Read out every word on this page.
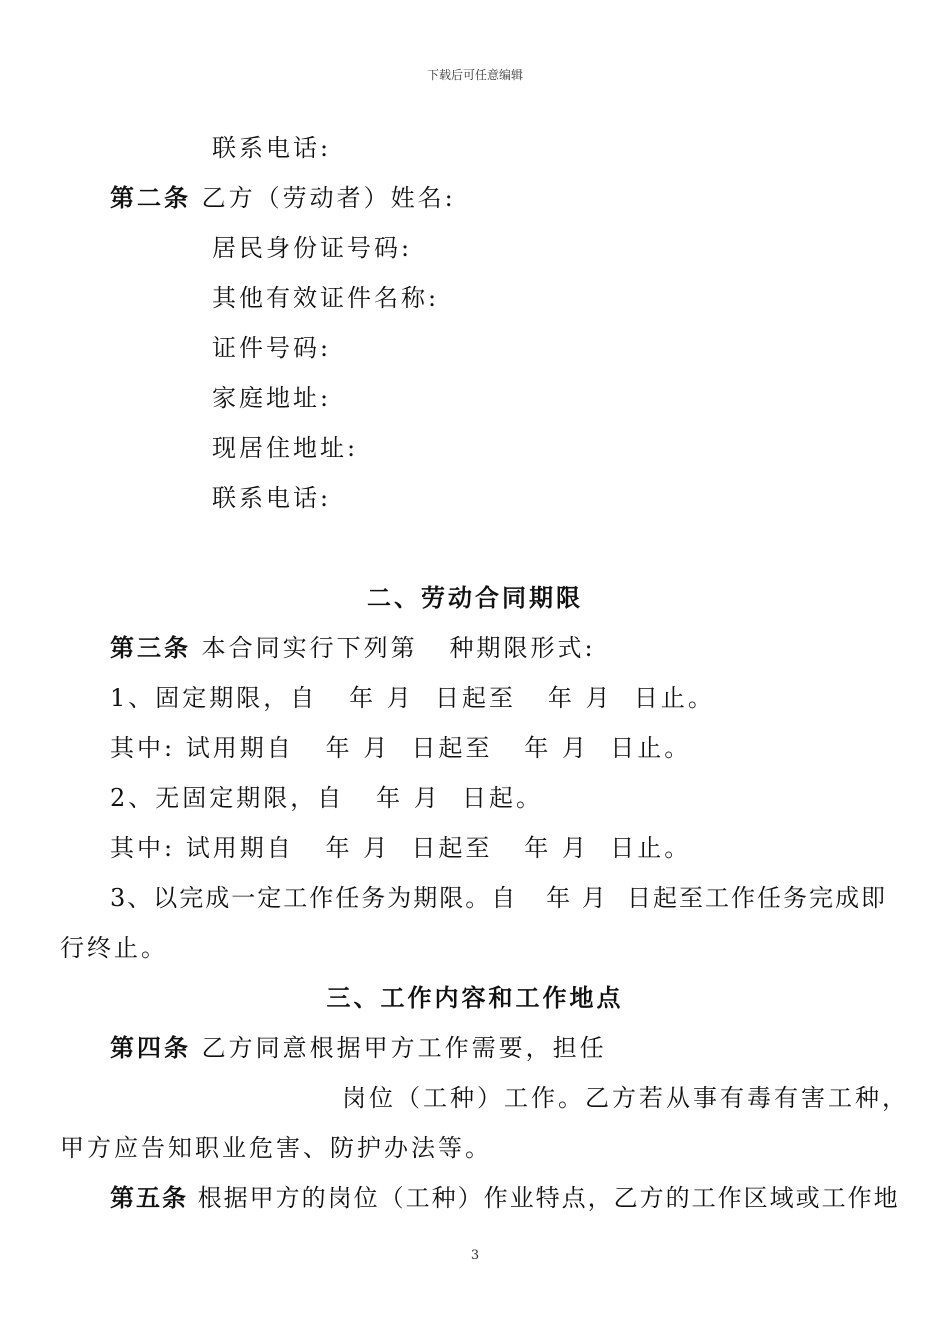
下载后可任意编辑
联系电话:
第二条 乙方（劳动者）姓名:
居民身份证号码:
其他有效证件名称:
证件号码:
家庭地址:
现居住地址:
联系电话:
二、劳动合同期限
第三条 本合同实行下列第   种期限形式:
1、固定期限，自   年 月  日起至   年 月  日止。
其中: 试用期自   年 月  日起至   年 月  日止。
2、无固定期限，自   年 月  日起。
其中: 试用期自   年 月  日起至   年 月  日止。
3、以完成一定工作任务为期限。自   年 月  日起至工作任务完成即
行终止。
三、工作内容和工作地点
第四条 乙方同意根据甲方工作需要，担任
岗位（工种）工作。乙方若从事有毒有害工种，
甲方应告知职业危害、防护办法等。
第五条 根据甲方的岗位（工种）作业特点，乙方的工作区域或工作地
3
